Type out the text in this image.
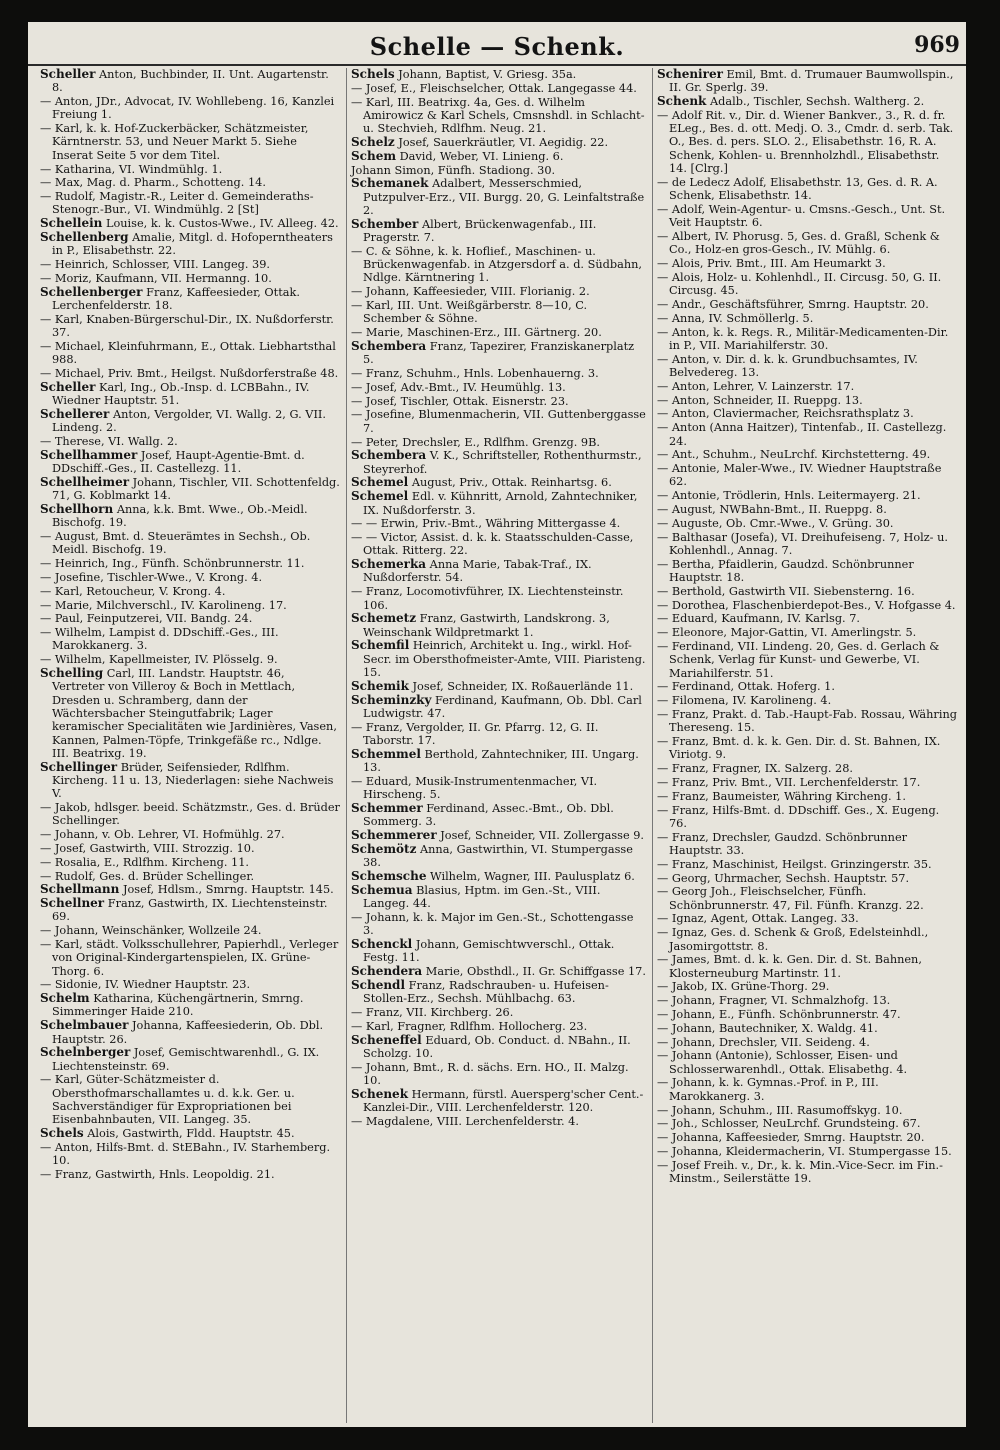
Schelle — Schenk.	969
Scheller Anton, Buchbinder, II. Unt. Augartenstr. 8.
— Anton, JDr., Advocat, IV. Wohllebeng. 16, Kanzlei Freiung 1.
— Karl, k. k. Hof-Zuckerbäcker, Schätzmeister, Kärntnerstr. 53, und Neuer Markt 5. Siehe Inserat Seite 5 vor dem Titel.
— Katharina, VI. Windmühlg. 1.
— Max, Mag. d. Pharm., Schotteng. 14.
— Rudolf, Magistr.-R., Leiter d. Gemeinderaths-Stenogr.-Bur., VI. Windmühlg. 2 [St]
Schellein Louise, k. k. Custos-Wwe., IV. Alleeg. 42.
Schellenberg Amalie, Mitgl. d. Hofoperntheaters in P., Elisabethstr. 22.
— Heinrich, Schlosser, VIII. Langeg. 39.
— Moriz, Kaufmann, VII. Hermanng. 10.
Schellenberger Franz, Kaffeesieder, Ottak. Lerchenfelderstr. 18.
— Karl, Knaben-Bürgerschul-Dir., IX. Nußdorferstr. 37.
— Michael, Kleinfuhrmann, E., Ottak. Liebhartsthal 988.
— Michael, Priv. Bmt., Heilgst. Nußdorferstraße 48.
Scheller Karl, Ing., Ob.-Insp. d. LCBBahn., IV. Wiedner Hauptstr. 51.
Schellerer Anton, Vergolder, VI. Wallg. 2, G. VII. Lindeng. 2.
— Therese, VI. Wallg. 2.
Schellhammer Josef, Haupt-Agentie-Bmt. d. DDschiff.-Ges., II. Castellezg. 11.
Schellheimer Johann, Tischler, VII. Schottenfeldg. 71, G. Koblmarkt 14.
Schellhorn Anna, k.k. Bmt. Wwe., Ob.-Meidl. Bischofg. 19.
— August, Bmt. d. Steuerämtes in Sechsh., Ob. Meidl. Bischofg. 19.
— Heinrich, Ing., Fünfh. Schönbrunnerstr. 11.
— Josefine, Tischler-Wwe., V. Krong. 4.
— Karl, Retoucheur, V. Krong. 4.
— Marie, Milchverschl., IV. Karolineng. 17.
— Paul, Feinputzerei, VII. Bandg. 24.
— Wilhelm, Lampist d. DDschiff.-Ges., III. Marokkanerg. 3.
— Wilhelm, Kapellmeister, IV. Plösselg. 9.
Schelling Carl, III. Landstr. Hauptstr. 46, Vertreter von Villeroy & Boch in Mettlach, Dresden u. Schramberg, dann der Wächtersbacher Steingutfabrik; Lager keramischer Specialitäten wie Jardinières, Vasen, Kannen, Palmen-Töpfe, Trinkgefäße rc., Ndlge. III. Beatrixg. 19.
Schellinger Brüder, Seifensieder, Rdlfhm. Kircheng. 11 u. 13, Niederlagen: siehe Nachweis V.
— Jakob, hdlsger. beeid. Schätzmstr., Ges. d. Brüder Schellinger.
— Johann, v. Ob. Lehrer, VI. Hofmühlg. 27.
— Josef, Gastwirth, VIII. Strozzig. 10.
— Rosalia, E., Rdlfhm. Kircheng. 11.
— Rudolf, Ges. d. Brüder Schellinger.
Schellmann Josef, Hdlsm., Smrng. Hauptstr. 145.
Schellner Franz, Gastwirth, IX. Liechtensteinstr. 69.
— Johann, Weinschänker, Wollzeile 24.
— Karl, städt. Volksschullehrer, Papierhdl., Verleger von Original-Kindergartenspielen, IX. Grüne-Thorg. 6.
— Sidonie, IV. Wiedner Hauptstr. 23.
Schelm Katharina, Küchengärtnerin, Smrng. Simmeringer Haide 210.
Schelmbauer Johanna, Kaffeesiederin, Ob. Dbl. Hauptstr. 26.
Schelnberger Josef, Gemischtwarenhdl., G. IX. Liechtensteinstr. 69.
— Karl, Güter-Schätzmeister d. Obersthofmarschallamtes u. d. k.k. Ger. u. Sachverständiger für Expropriationen bei Eisenbahnbauten, VII. Langeg. 35.
Schels Alois, Gastwirth, Fldd. Hauptstr. 45.
— Anton, Hilfs-Bmt. d. StEBahn., IV. Starhemberg. 10.
— Franz, Gastwirth, Hnls. Leopoldig. 21.
Schels Johann, Baptist, V. Griesg. 35a.
— Josef, E., Fleischselcher, Ottak. Langegasse 44.
— Karl, III. Beatrixg. 4a, Ges. d. Wilhelm Amirowicz & Karl Schels, Cmsnshdl. in Schlacht- u. Stechvieh, Rdlfhm. Neug. 21.
Schelz Josef, Sauerkräutler, VI. Aegidig. 22.
Schem David, Weber, VI. Linieng. 6.
Johann Simon, Fünfh. Stadiong. 30.
Schemanek Adalbert, Messerschmied, Putzpulver-Erz., VII. Burgg. 20, G. Leinfaltstraße 2.
Schember Albert, Brückenwagenfab., III. Pragerstr. 7.
— C. & Söhne, k. k. Hoflief., Maschinen- u. Brückenwagenfab. in Atzgersdorf a. d. Südbahn, Ndlge. Kärntnering 1.
— Johann, Kaffeesieder, VIII. Florianig. 2.
— Karl, III. Unt. Weißgärberstr. 8—10, C. Schember & Söhne.
— Marie, Maschinen-Erz., III. Gärtnerg. 20.
Schembera Franz, Tapezirer, Franziskanerplatz 5.
— Franz, Schuhm., Hnls. Lobenhauerng. 3.
— Josef, Adv.-Bmt., IV. Heumühlg. 13.
— Josef, Tischler, Ottak. Eisnerstr. 23.
— Josefine, Blumenmacherin, VII. Guttenberggasse 7.
— Peter, Drechsler, E., Rdlfhm. Grenzg. 9B.
Schembera V. K., Schriftsteller, Rothenthurmstr., Steyrerhof.
Schemel August, Priv., Ottak. Reinhartsg. 6.
Schemel Edl. v. Kühnritt, Arnold, Zahntechniker, IX. Nußdorferstr. 3.
— — Erwin, Priv.-Bmt., Währing Mittergasse 4.
— — Victor, Assist. d. k. k. Staatsschulden-Casse, Ottak. Ritterg. 22.
Schemerka Anna Marie, Tabak-Traf., IX. Nußdorferstr. 54.
— Franz, Locomotivführer, IX. Liechtensteinstr. 106.
Schemetz Franz, Gastwirth, Landskrong. 3, Weinschank Wildpretmarkt 1.
Schemfil Heinrich, Architekt u. Ing., wirkl. Hof-Secr. im Obersthofmeister-Amte, VIII. Piaristeng. 15.
Schemik Josef, Schneider, IX. Roßauerlände 11.
Scheminzky Ferdinand, Kaufmann, Ob. Dbl. Carl Ludwigstr. 47.
— Franz, Vergolder, II. Gr. Pfarrg. 12, G. II. Taborstr. 17.
Schemmel Berthold, Zahntechniker, III. Ungarg. 13.
— Eduard, Musik-Instrumentenmacher, VI. Hirscheng. 5.
Schemmer Ferdinand, Assec.-Bmt., Ob. Dbl. Sommerg. 3.
Schemmerer Josef, Schneider, VII. Zollergasse 9.
Schemötz Anna, Gastwirthin, VI. Stumpergasse 38.
Schemsche Wilhelm, Wagner, III. Paulusplatz 6.
Schemua Blasius, Hptm. im Gen.-St., VIII. Langeg. 44.
— Johann, k. k. Major im Gen.-St., Schottengasse 3.
Schenckl Johann, Gemischtwverschl., Ottak. Festg. 11.
Schendera Marie, Obsthdl., II. Gr. Schiffgasse 17.
Schendl Franz, Radschrauben- u. Hufeisen-Stollen-Erz., Sechsh. Mühlbachg. 63.
— Franz, VII. Kirchberg. 26.
— Karl, Fragner, Rdlfhm. Hollocherg. 23.
Scheneffel Eduard, Ob. Conduct. d. NBahn., II. Scholzg. 10.
— Johann, Bmt., R. d. sächs. Ern. HO., II. Malzg. 10.
Schenek Hermann, fürstl. Auersperg'scher Cent.-Kanzlei-Dir., VIII. Lerchenfelderstr. 120.
— Magdalene, VIII. Lerchenfelderstr. 4.
Schenirer Emil, Bmt. d. Trumauer Baumwollspin., II. Gr. Sperlg. 39.
Schenk Adalb., Tischler, Sechsh. Waltherg. 2.
— Adolf Rit. v., Dir. d. Wiener Bankver., 3., R. d. fr. ELeg., Bes. d. ott. Medj. O. 3., Cmdr. d. serb. Tak. O., Bes. d. pers. SLO. 2., Elisabethstr. 16, R. A. Schenk, Kohlen- u. Brennholzhdl., Elisabethstr. 14. [Clrg.]
— de Ledecz Adolf, Elisabethstr. 13, Ges. d. R. A. Schenk, Elisabethstr. 14.
— Adolf, Wein-Agentur- u. Cmsns.-Gesch., Unt. St. Veit Hauptstr. 6.
— Albert, IV. Phorusg. 5, Ges. d. Graßl, Schenk & Co., Holz-en gros-Gesch., IV. Mühlg. 6.
— Alois, Priv. Bmt., III. Am Heumarkt 3.
— Alois, Holz- u. Kohlenhdl., II. Circusg. 50, G. II. Circusg. 45.
— Andr., Geschäftsführer, Smrng. Hauptstr. 20.
— Anna, IV. Schmöllerlg. 5.
— Anton, k. k. Regs. R., Militär-Medicamenten-Dir. in P., VII. Mariahilferstr. 30.
— Anton, v. Dir. d. k. k. Grundbuchsamtes, IV. Belvedereg. 13.
— Anton, Lehrer, V. Lainzerstr. 17.
— Anton, Schneider, II. Rueppg. 13.
— Anton, Claviermacher, Reichsrathsplatz 3.
— Anton (Anna Haitzer), Tintenfab., II. Castellezg. 24.
— Ant., Schuhm., NeuLrchf. Kirchstetterng. 49.
— Antonie, Maler-Wwe., IV. Wiedner Hauptstraße 62.
— Antonie, Trödlerin, Hnls. Leitermayerg. 21.
— August, NWBahn-Bmt., II. Rueppg. 8.
— Auguste, Ob. Cmr.-Wwe., V. Grüng. 30.
— Balthasar (Josefa), VI. Dreihufeiseng. 7, Holz- u. Kohlenhdl., Annag. 7.
— Bertha, Pfaidlerin, Gaudzd. Schönbrunner Hauptstr. 18.
— Berthold, Gastwirth VII. Siebensterng. 16.
— Dorothea, Flaschenbierdepot-Bes., V. Hofgasse 4.
— Eduard, Kaufmann, IV. Karlsg. 7.
— Eleonore, Major-Gattin, VI. Amerlingstr. 5.
— Ferdinand, VII. Lindeng. 20, Ges. d. Gerlach & Schenk, Verlag für Kunst- und Gewerbe, VI. Mariahilferstr. 51.
— Ferdinand, Ottak. Hoferg. 1.
— Filomena, IV. Karolineng. 4.
— Franz, Prakt. d. Tab.-Haupt-Fab. Rossau, Währing Thereseng. 15.
— Franz, Bmt. d. k. k. Gen. Dir. d. St. Bahnen, IX. Viriotg. 9.
— Franz, Fragner, IX. Salzerg. 28.
— Franz, Priv. Bmt., VII. Lerchenfelderstr. 17.
— Franz, Baumeister, Währing Kircheng. 1.
— Franz, Hilfs-Bmt. d. DDschiff. Ges., X. Eugeng. 76.
— Franz, Drechsler, Gaudzd. Schönbrunner Hauptstr. 33.
— Franz, Maschinist, Heilgst. Grinzingerstr. 35.
— Georg, Uhrmacher, Sechsh. Hauptstr. 57.
— Georg Joh., Fleischselcher, Fünfh. Schönbrunnerstr. 47, Fil. Fünfh. Kranzg. 22.
— Ignaz, Agent, Ottak. Langeg. 33.
— Ignaz, Ges. d. Schenk & Groß, Edelsteinhdl., Jasomirgottstr. 8.
— James, Bmt. d. k. k. Gen. Dir. d. St. Bahnen, Klosterneuburg Martinstr. 11.
— Jakob, IX. Grüne-Thorg. 29.
— Johann, Fragner, VI. Schmalzhofg. 13.
— Johann, E., Fünfh. Schönbrunnerstr. 47.
— Johann, Bautechniker, X. Waldg. 41.
— Johann, Drechsler, VII. Seideng. 4.
— Johann (Antonie), Schlosser, Eisen- und Schlosserwarenhdl., Ottak. Elisabethg. 4.
— Johann, k. k. Gymnas.-Prof. in P., III. Marokkanerg. 3.
— Johann, Schuhm., III. Rasumoffskyg. 10.
— Joh., Schlosser, NeuLrchf. Grundsteing. 67.
— Johanna, Kaffeesieder, Smrng. Hauptstr. 20.
— Johanna, Kleidermacherin, VI. Stumpergasse 15.
— Josef Freih. v., Dr., k. k. Min.-Vice-Secr. im Fin.-Minstm., Seilerstätte 19.
